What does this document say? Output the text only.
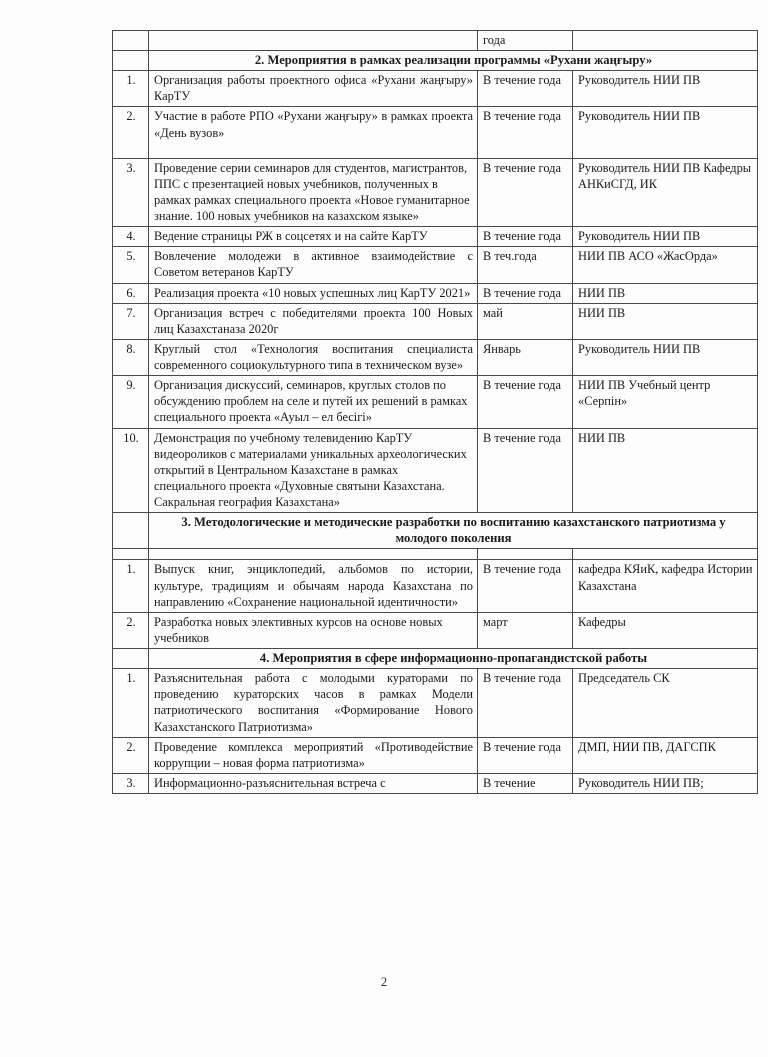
		года	
	2. Мероприятия в рамках реализации программы «Рухани жаңғыру»		
1.	Организация работы проектного офиса «Рухани жаңғыру» КарТУ	В течение года	Руководитель НИИ ПВ
2.	Участие в работе РПО «Рухани жаңғыру» в рамках проекта «День вузов»	В течение года	Руководитель НИИ ПВ
3.	Проведение серии семинаров для студентов, магистрантов, ППС с презентацией новых учебников, полученных в рамках рамках специального проекта «Новое гуманитарное знание. 100 новых учебников на казахском языке»	В течение года	Руководитель НИИ ПВ Кафедры АНКиСГД, ИК
4.	Ведение страницы РЖ в соцсетях и на сайте КарТУ	В течение года	Руководитель НИИ ПВ
5.	Вовлечение молодежи в активное взаимодействие с Советом ветеранов КарТУ	В теч.года	НИИ ПВ АСО «ЖасОрда»
6.	Реализация проекта «10 новых успешных лиц КарТУ 2021»	В течение года	НИИ ПВ
7.	Организация встреч с победителями проекта 100 Новых лиц Казахстаназа 2020г	май	НИИ ПВ
8.	Круглый стол «Технология воспитания специалиста современного социокультурного типа в техническом вузе»	Январь	Руководитель НИИ ПВ
9.	Организация дискуссий, семинаров, круглых столов по обсуждению проблем на селе и путей их решений в рамках специального проекта «Ауыл – ел бесігі»	В течение года	НИИ ПВ Учебный центр «Серпін»
10.	Демонстрация по учебному телевидению КарТУ видеороликов с материалами уникальных археологических открытий в Центральном Казахстане в рамках специального проекта «Духовные святыни Казахстана. Сакральная география Казахстана»	В течение года	НИИ ПВ
	3. Методологические и методические разработки по воспитанию казахстанского патриотизма у молодого поколения		

1.	Выпуск книг, энциклопедий, альбомов по истории, культуре, традициям и обычаям народа Казахстана по направлению «Сохранение национальной идентичности»	В течение года	кафедра КЯиК, кафедра Истории Казахстана
2.	Разработка новых элективных курсов на основе новых учебников	март	Кафедры
	4. Мероприятия в сфере информационно-пропагандистской работы		
1.	Разъяснительная работа с молодыми кураторами по проведению кураторских часов в рамках Модели патриотического воспитания «Формирование Нового Казахстанского Патриотизма»	В течение года	Председатель СК
2.	Проведение комплекса мероприятий «Противодействие коррупции – новая форма патриотизма»	В течение года	ДМП, НИИ ПВ, ДАГСПК
3.	Информационно-разъяснительная встреча с	В течение	Руководитель НИИ ПВ;
2
